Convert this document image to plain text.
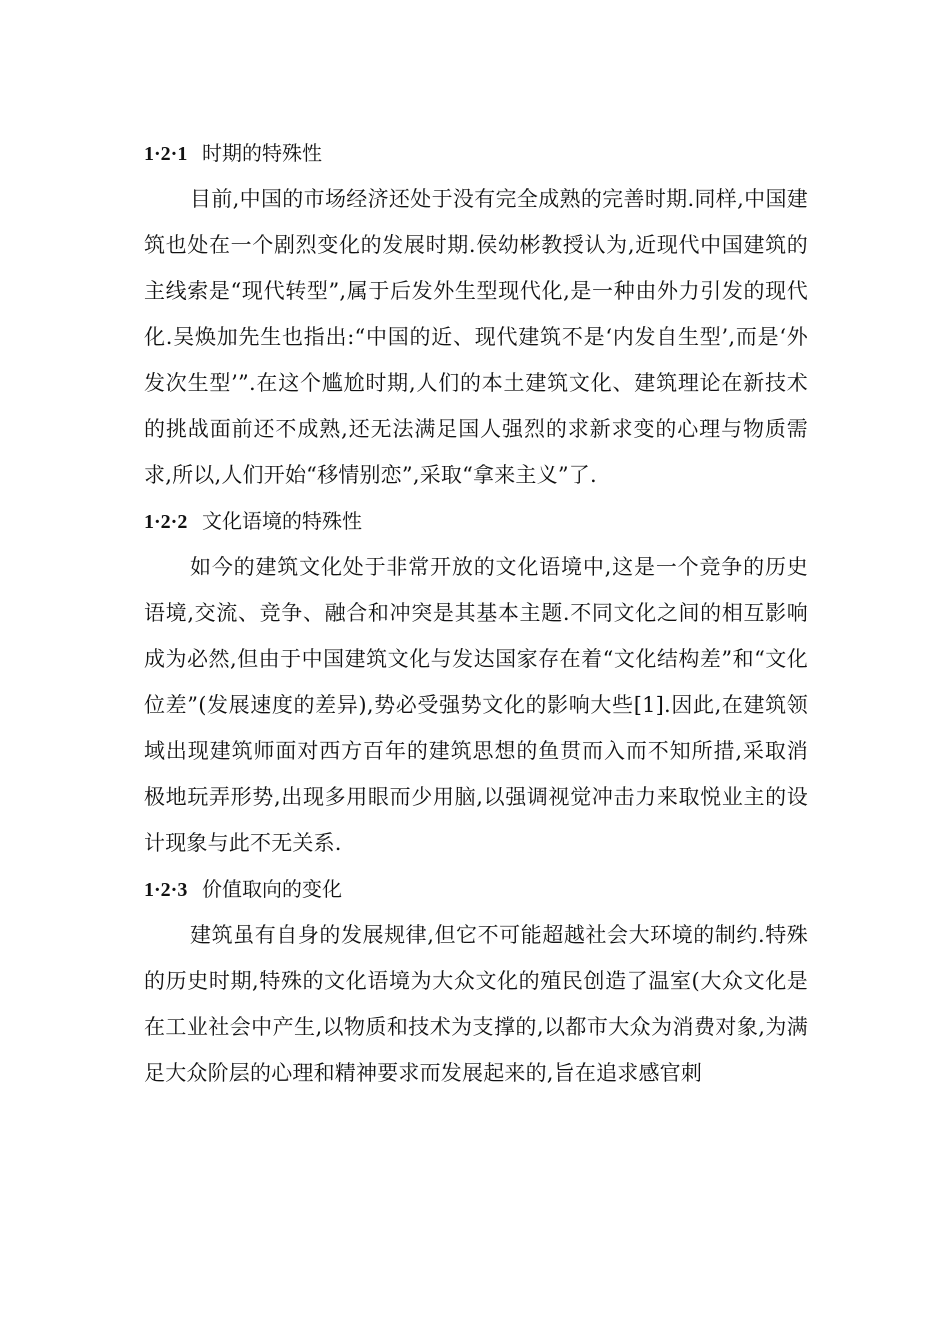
1·2·1 时期的特殊性

目前,中国的市场经济还处于没有完全成熟的完善时期.同样,中国建筑也处在一个剧烈变化的发展时期.侯幼彬教授认为,近现代中国建筑的主线索是“现代转型”,属于后发外生型现代化,是一种由外力引发的现代化.吴焕加先生也指出:“中国的近、现代建筑不是‘内发自生型’,而是‘外发次生型’”.在这个尴尬时期,人们的本土建筑文化、建筑理论在新技术的挑战面前还不成熟,还无法满足国人强烈的求新求变的心理与物质需求,所以,人们开始“移情别恋”,采取“拿来主义”了.

1·2·2 文化语境的特殊性

如今的建筑文化处于非常开放的文化语境中,这是一个竞争的历史语境,交流、竞争、融合和冲突是其基本主题.不同文化之间的相互影响成为必然,但由于中国建筑文化与发达国家存在着“文化结构差”和“文化位差”(发展速度的差异),势必受强势文化的影响大些[1].因此,在建筑领域出现建筑师面对西方百年的建筑思想的鱼贯而入而不知所措,采取消极地玩弄形势,出现多用眼而少用脑,以强调视觉冲击力来取悦业主的设计现象与此不无关系.

1·2·3 价值取向的变化

建筑虽有自身的发展规律,但它不可能超越社会大环境的制约.特殊的历史时期,特殊的文化语境为大众文化的殖民创造了温室(大众文化是在工业社会中产生,以物质和技术为支撑的,以都市大众为消费对象,为满足大众阶层的心理和精神要求而发展起来的,旨在追求感官刺
